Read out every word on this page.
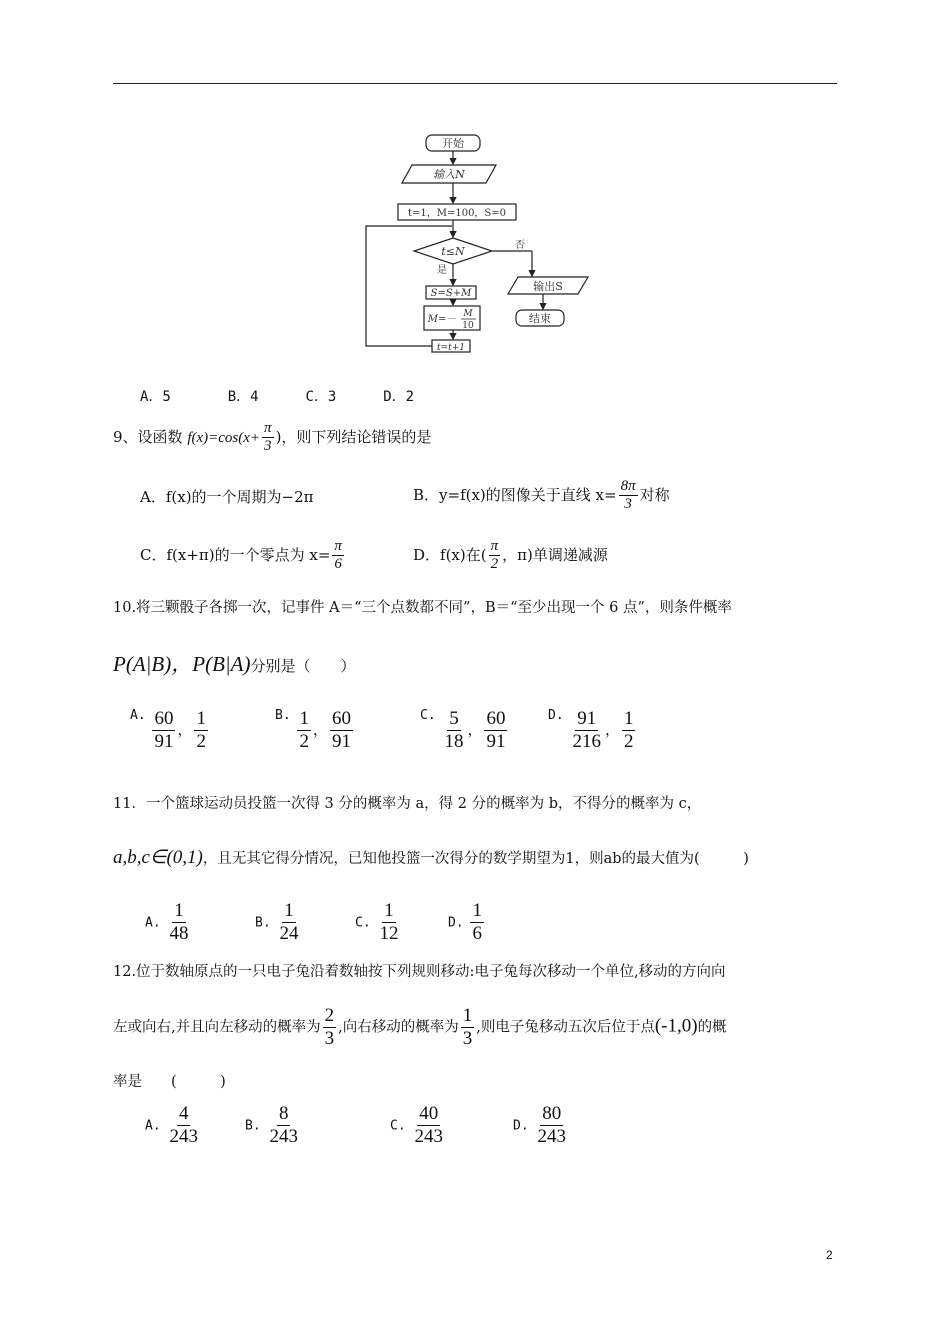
开始
输入N
t=1，M=100，S=0
t≤N
是
否
S=S+M
M=－ M
10
t=t+1
输出S
结束
A．5	B．4	C．3	D．2
9、设函数 $f(x)=\cos(x+ \frac{\pi}{3}$ )，则下列结论错误的是
A．f(x)的一个周期为−2π	B．y=f(x)的图像关于直线 $x= \frac{8\pi}{3}$ 对称
C．f(x+π)的一个零点为 $x= \frac{\pi}{6}$	D．f(x)在( $\frac{\pi}{2}$ ，π)单调递减源
10.将三颗骰子各掷一次，记事件 A＝“三个点数都不同”，B＝“至少出现一个 6 点”，则条件概率
P(A|B)，P(B|A)分别是（　　）
A. $\frac{60}{91}$ ， $\frac{1}{2}$	B. $\frac{1}{2}$ ， $\frac{60}{91}$	C. $\frac{5}{18}$ ， $\frac{60}{91}$	D. $\frac{91}{216}$ ， $\frac{1}{2}$
11．一个篮球运动员投篮一次得 3 分的概率为 a，得 2 分的概率为 b，不得分的概率为 c，
a,b,c∈(0,1)，且无其它得分情况，已知他投篮一次得分的数学期望为1，则ab的最大值为(　　　)
A. $\frac{1}{48}$	B. $\frac{1}{24}$	C. $\frac{1}{12}$	D. $\frac{1}{6}$
12.位于数轴原点的一只电子兔沿着数轴按下列规则移动:电子兔每次移动一个单位,移动的方向向
左或向右,并且向左移动的概率为 $\frac{2}{3}$ ,向右移动的概率为 $\frac{1}{3}$ ,则电子兔移动五次后位于点(-1,0)的概
率是　　(　　　)
A. $\frac{4}{243}$	B. $\frac{8}{243}$	C. $\frac{40}{243}$	D. $\frac{80}{243}$
2
